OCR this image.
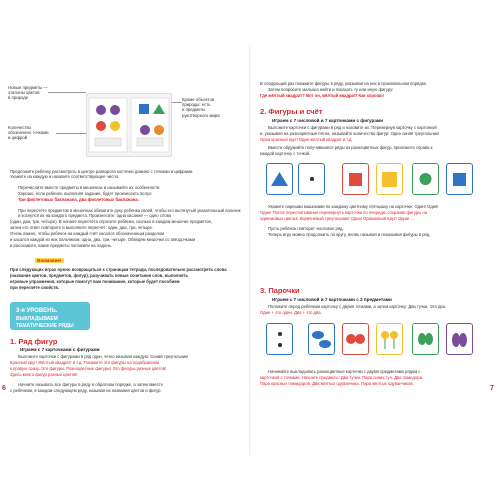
Новые предметы —
эталоны цветов
в природе
Количество
обозначено точками
и цифрой
Кроме объектов
природы: есть
и предметы
рукотворного мира
Предложите ребёнку рассмотреть в центре разворота косточки домино с точками и цифрами.
Укажите на каждую и назовите соответствующее число.
Перечислите вместе предметы в мешочках и называйте их особенности.
Хорошо, если ребёнок, выполняя задание, будет произносить вслух:
Три фиолетовых баклажана, два фиолетовых баклажана.
При пересчёте предметов в мешочках обхватите руку ребёнка своей, чтобы его вытянутый указательный пальчик и коснулся их на каждого предмета. Произнесите: одна касание — одно слово
(один, два, три, четыре). В начале пересчёта спросите ребёнка, сколько в каждом мешочке предметов,
затем его ответ повторите и выполните пересчёт: один, два, три, четыре.
Очень важно, чтобы ребёнок на каждый счёт касался обозначенным разделом
и касался каждой из них пальчиком: одна, два, три, четыре. Обведём мешочки со звёздочками
и расскажите, какие предметы положили на ладонь.
Внимание!
При следующих играх нужно возвращаться к страницам тетради, последовательно рассмотреть слова
(название цветов, предметов, фигур), разучивать новые сочетания слов, выполнять
игровые упражнения, которые помогут вам понимание, которые будет пособием
при пересчёте свойств.
3-я УРОВЕНЬ.
ВЫКЛАДЫВАЕМ ТЕМАТИЧЕСКИЕ РЯДЫ
1. Ряд фигур
Играем с 7 карточками с фигурами
Выложите карточки с фигурами в ряд один, четко называя каждую: Синий треугольник!
Красный круг! Жёлтый квадрат! и т.д. Покажите эти фигуры на подобранном
к правую сразу. Это фигуры. Разноцветные фигуры! Это фигуры разных цветов!
Здесь много фигур разных цветов!
Начните называть все фигуры в ряду в обратном порядке, а затем вместе
с ребёнком, в каждом следующем ряду, называя их названия цветов и фигур.
6
В следующий раз покажите фигуры в ряду, указывая на них в произвольном порядке.
Затем попросите малыша найти и показать ту или иную фигуру:
Где жёлтый квадрат? Вот он, жёлтый квадрат! Как хорошо!
2. Фигуры и счёт
Играем с 7 числовой и 7 картонками с фигурами
Выложите карточки с фигурами в ряд и назовите их. Перевернув карточку с картонкой
и, указывая на разноцветные пятна, называйте количество фигур: Одна синяя треугольник!
Одна красный круг! Один жёлтый квадрат и т.д.
Вместе обдумайте получившиеся ряды из разноцветных фигур, приложите справа к
каждой карточку с точкой.
Укажите парными машинами по каждому цветному пятнышку на карточке: Один! Один!
Один! После пересчитывания перевернуть карточки по очереди, сохраняя фигуры на
одинаковых цветах: Коричневый треугольник! Одна! Оранжевый Круг! Одна! ...
Пусть ребёнок повторит числовое ряд.
Теперь игру можно продолжить по кругу, вновь называя и показывая фигуры в ряд.
3. Парочки
Играем с 7 числовой и 7 карточками с 2 предметами
Положите перед ребёнком карточку с двумя точками, а затем карточку: Два тучки. Это два.
Один + это один. Два + это два.
Начинайте выкладывать разноцветные карточки с двумя предметами рядом с
карточкой с точками. Начните предметы: Два тучки. Пара синих туч. Два помидора.
Пара красных помидоров. Два жёлтых одуванчика. Пара жёлтых одуванчиков.
7
